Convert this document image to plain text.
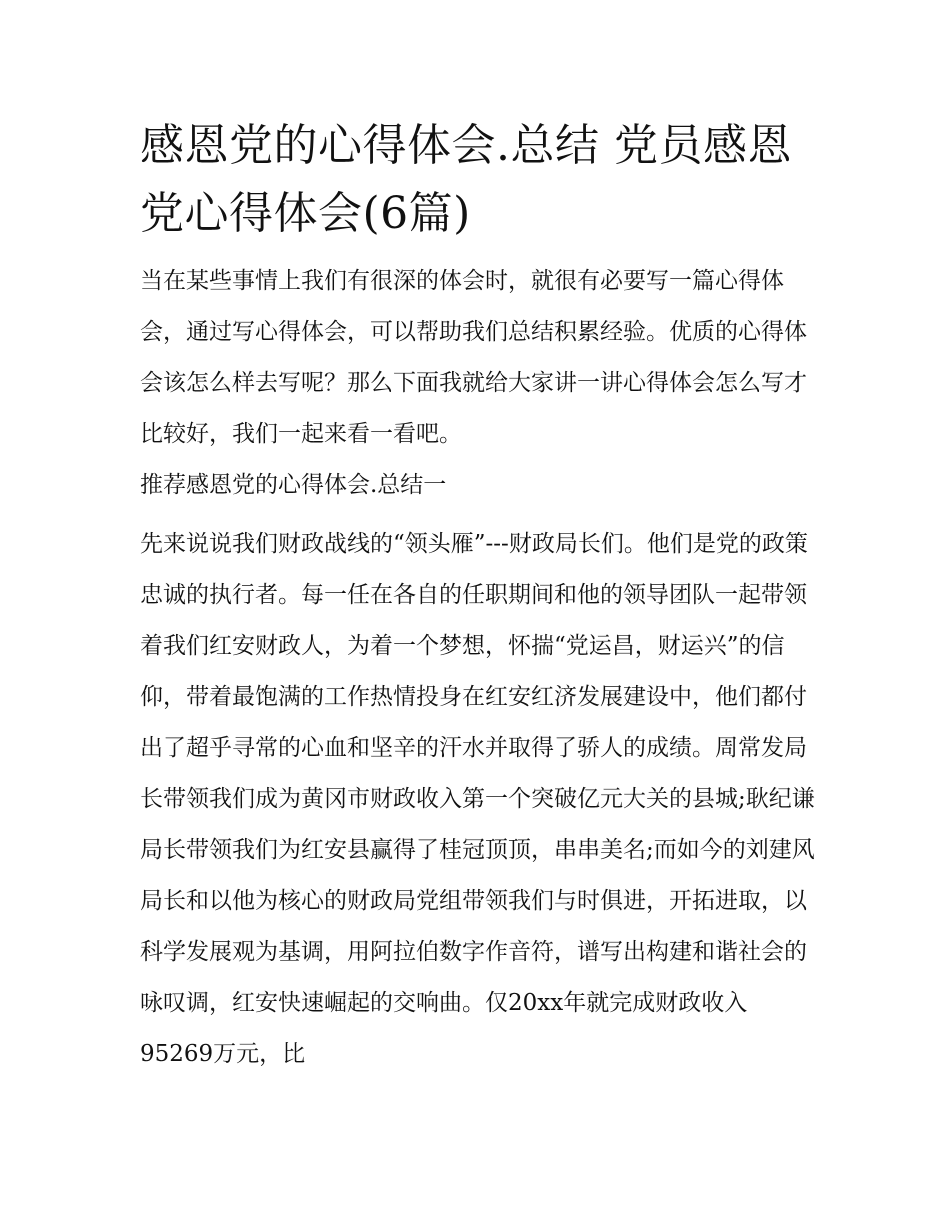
感恩党的心得体会.总结 党员感恩党心得体会(6篇)

当在某些事情上我们有很深的体会时，就很有必要写一篇心得体会，通过写心得体会，可以帮助我们总结积累经验。优质的心得体会该怎么样去写呢？那么下面我就给大家讲一讲心得体会怎么写才比较好，我们一起来看一看吧。

推荐感恩党的心得体会.总结一

先来说说我们财政战线的“领头雁”---财政局长们。他们是党的政策忠诚的执行者。每一任在各自的任职期间和他的领导团队一起带领着我们红安财政人，为着一个梦想，怀揣“党运昌，财运兴”的信仰，带着最饱满的工作热情投身在红安红济发展建设中，他们都付出了超乎寻常的心血和坚辛的汗水并取得了骄人的成绩。周常发局长带领我们成为黄冈市财政收入第一个突破亿元大关的县城;耿纪谦局长带领我们为红安县赢得了桂冠顶顶，串串美名;而如今的刘建风局长和以他为核心的财政局党组带领我们与时俱进，开拓进取，以科学发展观为基调，用阿拉伯数字作音符，谱写出构建和谐社会的咏叹调，红安快速崛起的交响曲。仅20xx年就完成财政收入95269万元，比
